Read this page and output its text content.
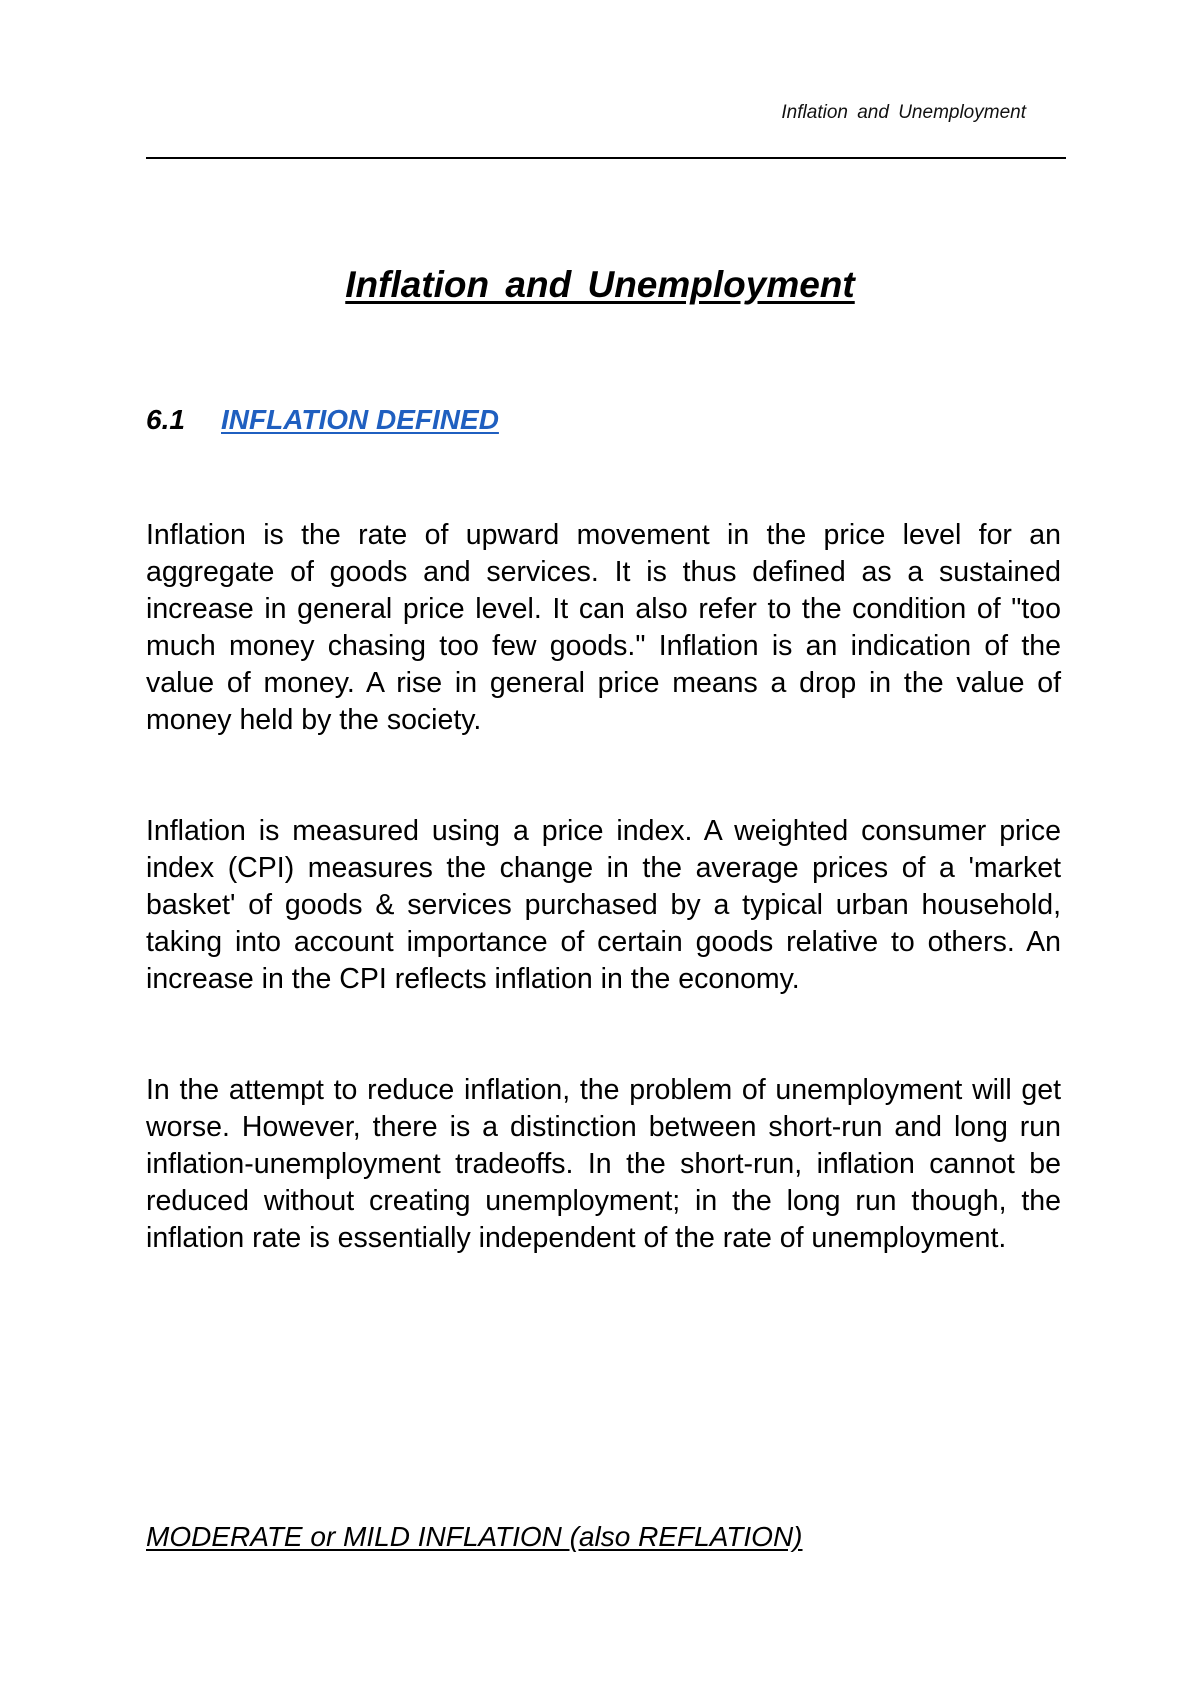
Inflation and Unemployment
Inflation and Unemployment
6.1 INFLATION DEFINED

Inflation is the rate of upward movement in the price level for an aggregate of goods and services. It is thus defined as a sustained increase in general price level. It can also refer to the condition of "too much money chasing too few goods." Inflation is an indication of the value of money. A rise in general price means a drop in the value of money held by the society.

Inflation is measured using a price index. A weighted consumer price index (CPI) measures the change in the average prices of a 'market basket' of goods & services purchased by a typical urban household, taking into account importance of certain goods relative to others. An increase in the CPI reflects inflation in the economy.

In the attempt to reduce inflation, the problem of unemployment will get worse. However, there is a distinction between short-run and long run inflation-unemployment tradeoffs. In the short-run, inflation cannot be reduced without creating unemployment; in the long run though, the inflation rate is essentially independent of the rate of unemployment.

MODERATE or MILD INFLATION (also REFLATION)
